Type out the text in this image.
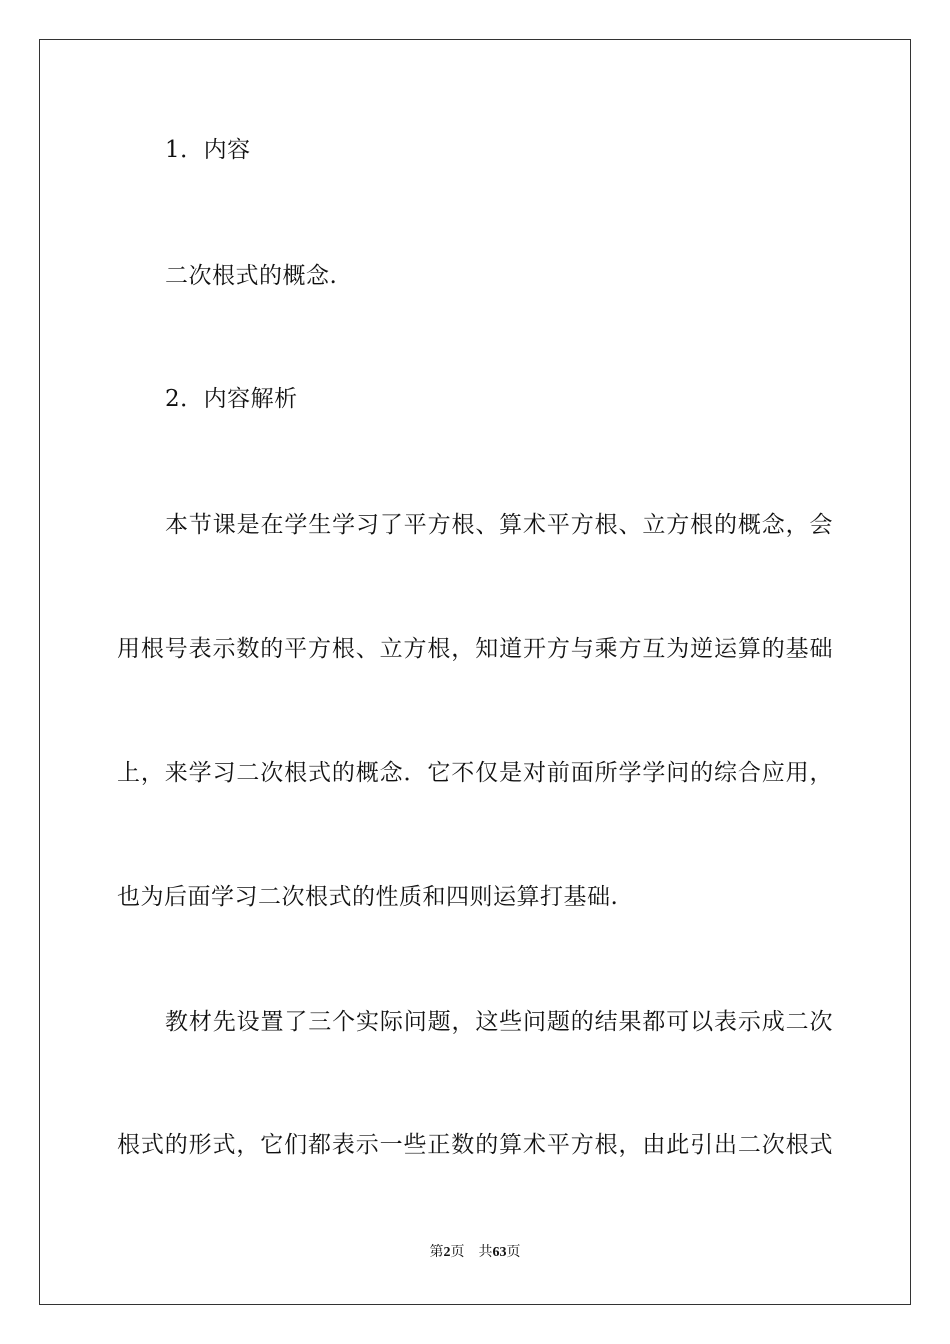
1．内容
二次根式的概念.
2．内容解析
本节课是在学生学习了平方根、算术平方根、立方根的概念，会
用根号表示数的平方根、立方根，知道开方与乘方互为逆运算的基础
上，来学习二次根式的概念．它不仅是对前面所学学问的综合应用，
也为后面学习二次根式的性质和四则运算打基础.
教材先设置了三个实际问题，这些问题的结果都可以表示成二次
根式的形式，它们都表示一些正数的算术平方根，由此引出二次根式
第2页 共63页
